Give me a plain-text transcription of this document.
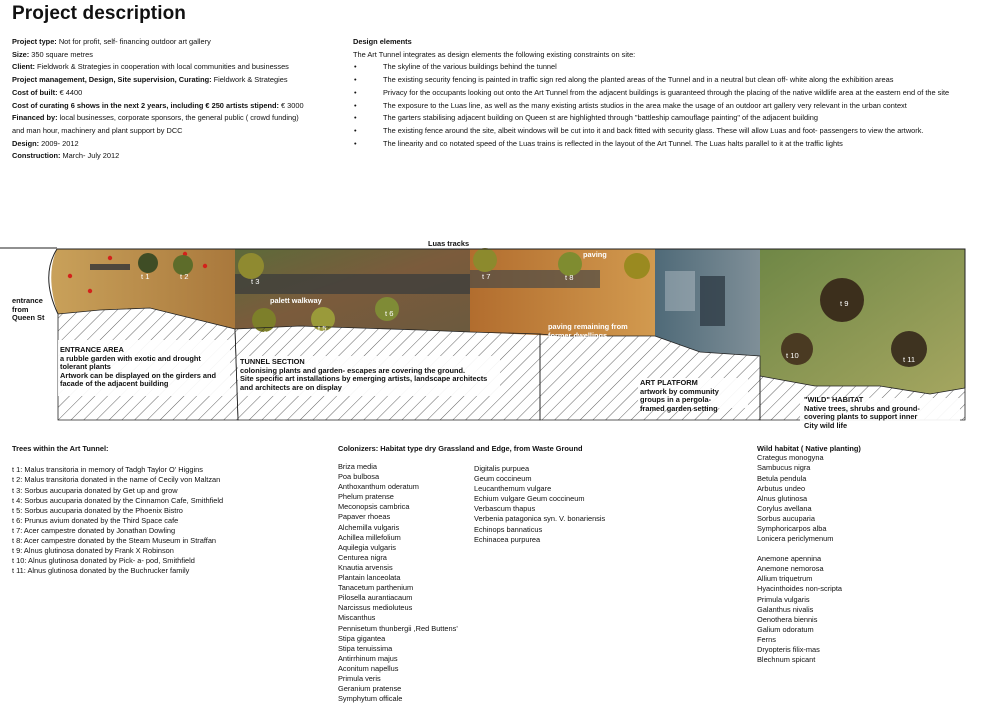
Project description
Project type: Not for profit, self- financing outdoor art gallery
Size: 350 square metres
Client: Fieldwork & Strategies in cooperation with local communities and businesses
Project management, Design, Site supervision, Curating: Fieldwork & Strategies
Cost of built: € 4400
Cost of curating 6 shows in the next 2 years, including € 250 artists stipend: € 3000
Financed by: local businesses, corporate sponsors, the general public ( crowd funding)
and man hour, machinery and plant support by DCC
Design: 2009- 2012
Construction: March- July 2012
Design elements
The Art Tunnel integrates as design elements the following existing constraints on site:
• The skyline of the various buildings behind the tunnel
• The existing security fencing is painted in traffic sign red along the planted areas of the Tunnel and in a neutral but clean off- white along the exhibition areas
• Privacy for the occupants looking out onto the Art Tunnel from the adjacent buildings is guaranteed through the placing of the native wildlife area at the eastern end of the site
• The exposure to the Luas line, as well as the many existing artists studios in the area make the usage of an outdoor art gallery very relevant in the urban context
• The garters stabilising adjacent building on Queen st are highlighted through "battleship camouflage painting" of the adjacent building
• The existing fence around the site, albeit windows will be cut into it and back fitted with security glass. These will allow Luas and foot- passengers to view the artwork.
• The linearity and co notated speed of the Luas trains is reflected in the layout of the Art Tunnel. The Luas halts parallel to it at the traffic lights
Luas tracks
entrance
from
Queen St
palett walkway
paving
paving remaining from
former dwellings
ENTRANCE AREA
a rubble garden with exotic and drought
tolerant plants
Artwork can be displayed on the girders and
facade of the adjacent building
TUNNEL SECTION
colonising plants and garden- escapes are covering the ground.
Site specific art installations by emerging artists, landscape architects
and architects are on display
ART PLATFORM
artwork by community
groups in a pergola-
framed garden setting
"WILD" HABITAT
Native trees, shrubs and ground-
covering plants to support inner
City wild life
t 1	t 2
t 3
t 4
t 5
t 6
t 7	t 8
t 9
t 10	t 11
Trees within the Art Tunnel:
t 1: Malus transitoria in memory of Tadgh Taylor O' Higgins
t 2: Malus transitoria donated in the name of Cecily von Maltzan
t 3: Sorbus aucuparia donated by Get up and grow
t 4: Sorbus aucuparia donated by the Cinnamon Cafe, Smithfield
t 5: Sorbus aucuparia donated by the Phoenix Bistro
t 6: Prunus avium donated by the Third Space cafe
t 7: Acer campestre donated by Jonathan Dowling
t 8: Acer campestre donated by the Steam Museum in Straffan
t 9: Alnus glutinosa donated by Frank X Robinson
t 10: Alnus glutinosa donated by Pick- a- pod, Smithfield
t 11: Alnus glutinosa donated by the Buchrucker family
Colonizers: Habitat type dry Grassland and Edge, from Waste Ground
Briza media
Poa bulbosa
Anthoxanthum oderatum
Phelum pratense
Meconopsis cambrica
Papaver rhoeas
Alchemilla vulgaris
Achillea millefolium
Aquilegia vulgaris
Centurea nigra
Knautia arvensis
Plantain lanceolata
Tanacetum parthenium
Pilosella aurantiacaum
Narcissus medioluteus
Miscanthus
Pennisetum thunbergii ,Red Buttens'
Stipa gigantea
Stipa tenuissima
Antirrhinum majus
Aconitum napellus
Primula veris
Geranium pratense
Symphytum officale
Digitalis purpuea
Geum coccineum
Leucanthemum vulgare
Echium vulgare Geum coccineum
Verbascum thapus
Verbenia patagonica syn. V. bonariensis
Echinops bannaticus
Echinacea purpurea
Wild habitat ( Native planting)
Crategus monogyna
Sambucus nigra
Betula pendula
Arbutus undeo
Alnus glutinosa
Corylus avellana
Sorbus aucuparia
Symphoricarpos alba
Lonicera periclymenum
Anemone apennina
Anemone nemorosa
Allium triquetrum
Hyacinthoides non-scripta
Primula vulgaris
Galanthus nivalis
Oenothera biennis
Galium odoratum
Ferns
Dryopteris filix-mas
Blechnum spicant
